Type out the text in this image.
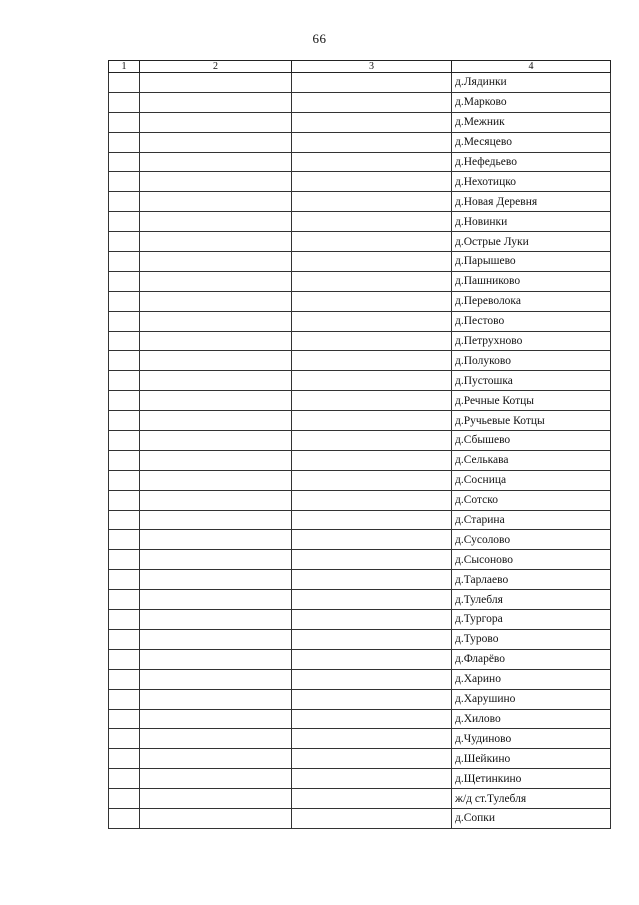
66
1	2	3	4
			д.Лядинки
			д.Марково
			д.Межник
			д.Месяцево
			д.Нефедьево
			д.Нехотицко
			д.Новая Деревня
			д.Новинки
			д.Острые Луки
			д.Парышево
			д.Пашниково
			д.Переволока
			д.Пестово
			д.Петрухново
			д.Полуково
			д.Пустошка
			д.Речные Котцы
			д.Ручьевые Котцы
			д.Сбышево
			д.Селькава
			д.Сосница
			д.Сотско
			д.Старина
			д.Сусолово
			д.Сысоново
			д.Тарлаево
			д.Тулебля
			д.Тургора
			д.Турово
			д.Фларёво
			д.Харино
			д.Харушино
			д.Хилово
			д.Чудиново
			д.Шейкино
			д.Щетинкино
			ж/д ст.Тулебля
			д.Сопки
